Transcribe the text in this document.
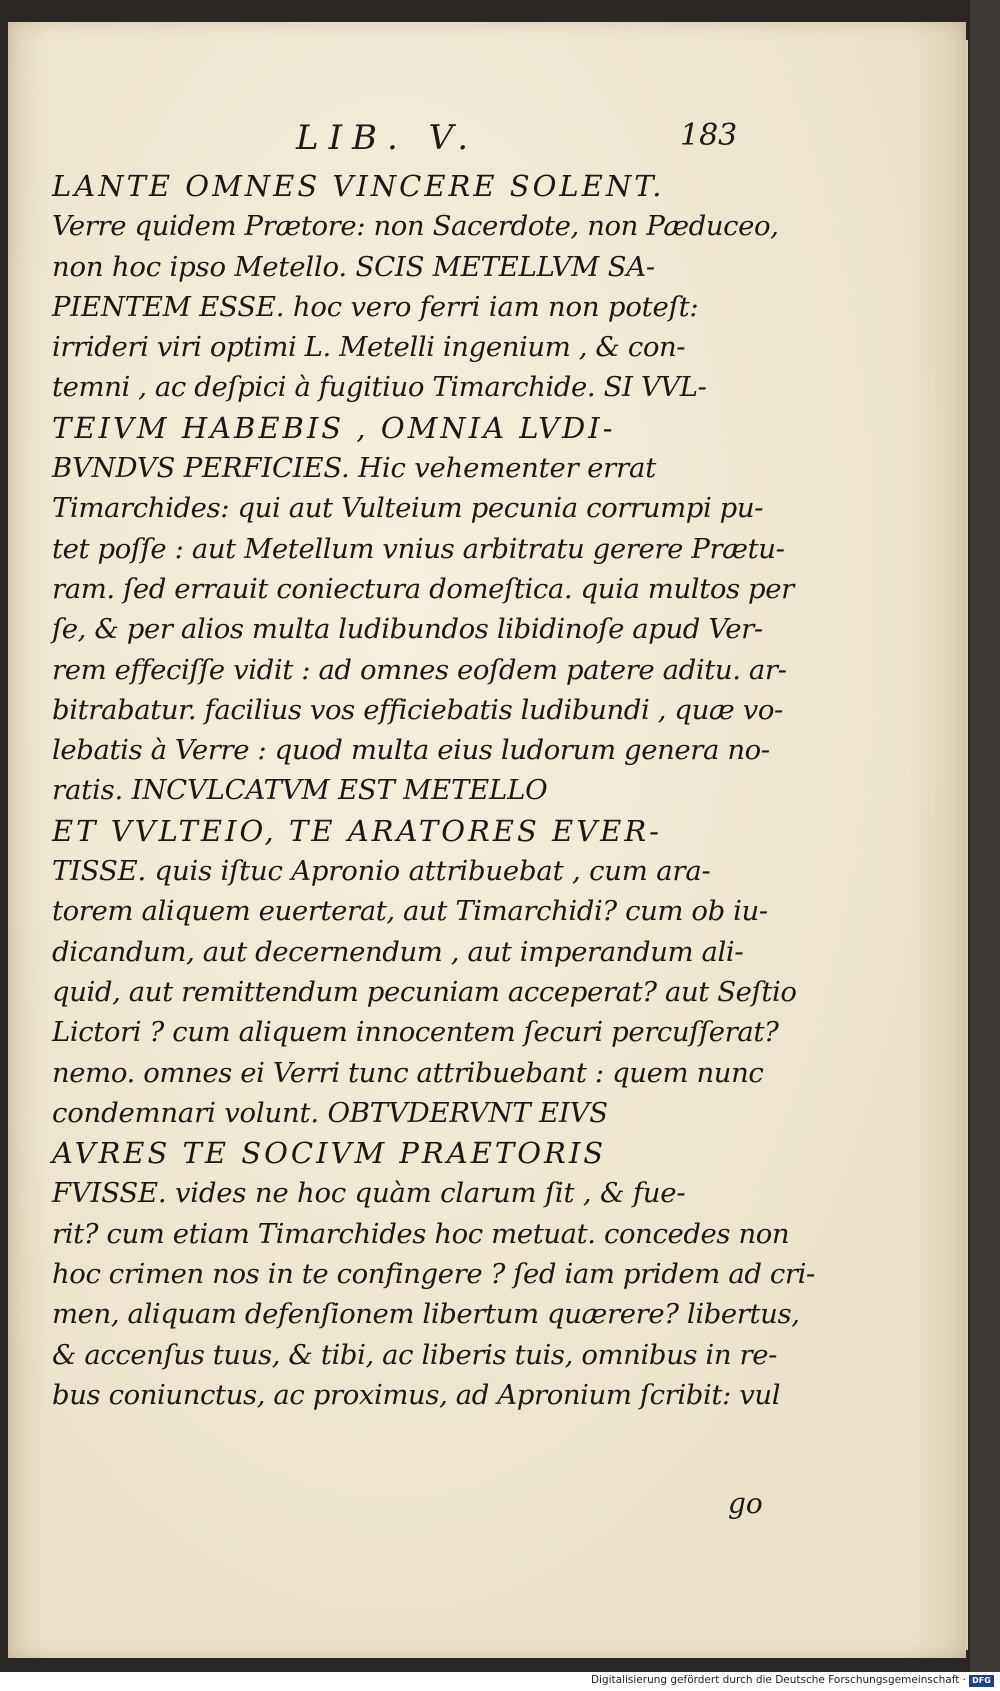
LIB. V.	183
LANTE OMNES VINCERE SOLENT.
Verre quidem Prætore: non Sacerdote, non Pæduceo,
non hoc ipso Metello. SCIS METELLVM SA-
PIENTEM ESSE. hoc vero ferri iam non poteſt:
irrideri viri optimi L. Metelli ingenium , & con-
temni , ac deſpici à fugitiuo Timarchide. SI VVL-
TEIVM HABEBIS , OMNIA LVDI-
BVNDVS PERFICIES. Hic vehementer errat
Timarchides: qui aut Vulteium pecunia corrumpi pu-
tet poſſe : aut Metellum vnius arbitratu gerere Prætu-
ram. ſed errauit coniectura domeſtica. quia multos per
ſe, & per alios multa ludibundos libidinoſe apud Ver-
rem effeciſſe vidit : ad omnes eoſdem patere aditu. ar-
bitrabatur. facilius vos efficiebatis ludibundi , quæ vo-
lebatis à Verre : quod multa eius ludorum genera no-
ratis. INCVLCATVM EST METELLO
ET VVLTEIO, TE ARATORES EVER-
TISSE. quis iſtuc Apronio attribuebat , cum ara-
torem aliquem euerterat, aut Timarchidi? cum ob iu-
dicandum, aut decernendum , aut imperandum ali-
quid, aut remittendum pecuniam acceperat? aut Seſtio
Lictori ? cum aliquem innocentem ſecuri percuſſerat?
nemo. omnes ei Verri tunc attribuebant : quem nunc
condemnari volunt. OBTVDERVNT EIVS
AVRES TE SOCIVM PRAETORIS
FVISSE. vides ne hoc quàm clarum ſit , & fue-
rit? cum etiam Timarchides hoc metuat. concedes non
hoc crimen nos in te confingere ? ſed iam pridem ad cri-
men, aliquam defenſionem libertum quærere? libertus,
& accenſus tuus, & tibi, ac liberis tuis, omnibus in re-
bus coniunctus, ac proximus, ad Apronium ſcribit: vul
go
Digitalisierung gefördert durch die Deutsche Forschungsgemeinschaft · DFG
